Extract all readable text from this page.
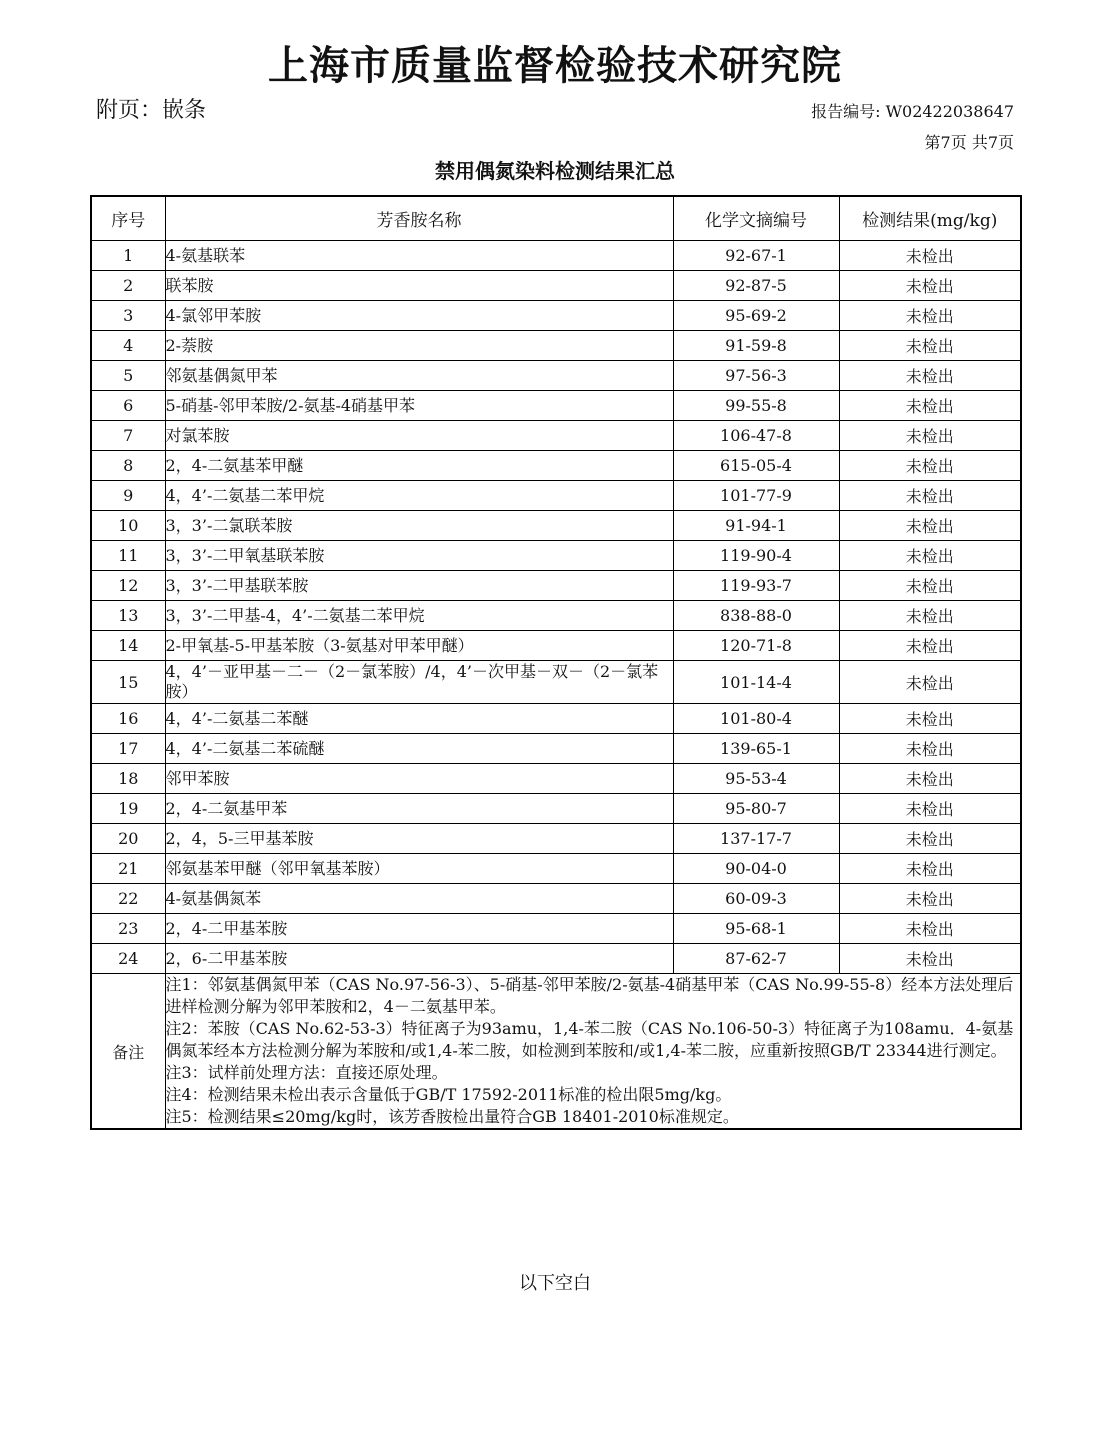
上海市质量监督检验技术研究院
附页：嵌条	报告编号: W02422038647
第7页 共7页
禁用偶氮染料检测结果汇总
序号	芳香胺名称	化学文摘编号	检测结果(mg/kg)
1	4-氨基联苯	92-67-1	未检出
2	联苯胺	92-87-5	未检出
3	4-氯邻甲苯胺	95-69-2	未检出
4	2-萘胺	91-59-8	未检出
5	邻氨基偶氮甲苯	97-56-3	未检出
6	5-硝基-邻甲苯胺/2-氨基-4硝基甲苯	99-55-8	未检出
7	对氯苯胺	106-47-8	未检出
8	2，4-二氨基苯甲醚	615-05-4	未检出
9	4，4’-二氨基二苯甲烷	101-77-9	未检出
10	3，3’-二氯联苯胺	91-94-1	未检出
11	3，3’-二甲氧基联苯胺	119-90-4	未检出
12	3，3’-二甲基联苯胺	119-93-7	未检出
13	3，3’-二甲基-4，4’-二氨基二苯甲烷	838-88-0	未检出
14	2-甲氧基-5-甲基苯胺（3-氨基对甲苯甲醚）	120-71-8	未检出
15	4，4’－亚甲基－二－（2－氯苯胺）/4，4’－次甲基－双－（2－氯苯胺）	101-14-4	未检出
16	4，4’-二氨基二苯醚	101-80-4	未检出
17	4，4’-二氨基二苯硫醚	139-65-1	未检出
18	邻甲苯胺	95-53-4	未检出
19	2，4-二氨基甲苯	95-80-7	未检出
20	2，4，5-三甲基苯胺	137-17-7	未检出
21	邻氨基苯甲醚（邻甲氧基苯胺）	90-04-0	未检出
22	4-氨基偶氮苯	60-09-3	未检出
23	2，4-二甲基苯胺	95-68-1	未检出
24	2，6-二甲基苯胺	87-62-7	未检出
备注	注1：邻氨基偶氮甲苯（CAS No.97-56-3）、5-硝基-邻甲苯胺/2-氨基-4硝基甲苯（CAS No.99-55-8）经本方法处理后进样检测分解为邻甲苯胺和2，4－二氨基甲苯。
注2：苯胺（CAS No.62-53-3）特征离子为93amu，1,4-苯二胺（CAS No.106-50-3）特征离子为108amu．4-氨基偶氮苯经本方法检测分解为苯胺和/或1,4-苯二胺，如检测到苯胺和/或1,4-苯二胺，应重新按照GB/T 23344进行测定。
注3：试样前处理方法：直接还原处理。
注4：检测结果未检出表示含量低于GB/T 17592-2011标准的检出限5mg/kg。
注5：检测结果≤20mg/kg时，该芳香胺检出量符合GB 18401-2010标准规定。		
以下空白
